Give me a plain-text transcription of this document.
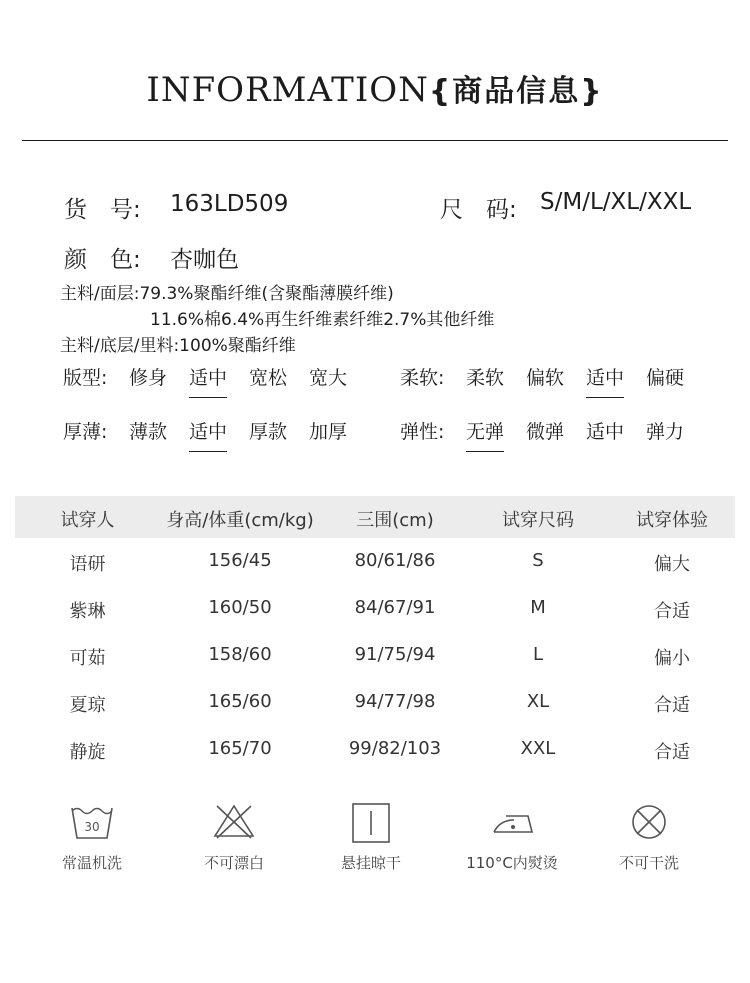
INFORMATION{商品信息}
货　号: 163LD509	尺　码: S/M/L/XL/XXL
颜　色: 杏咖色
主料/面层:79.3%聚酯纤维(含聚酯薄膜纤维)
11.6%棉6.4%再生纤维素纤维2.7%其他纤维
主料/底层/里料:100%聚酯纤维
版型: 修身 适中 宽松 宽大	柔软: 柔软 偏软 适中 偏硬
厚薄: 薄款 适中 厚款 加厚	弹性: 无弹 微弹 适中 弹力
试穿人	身高/体重(cm/kg)	三围(cm)	试穿尺码	试穿体验
语研	156/45	80/61/86	S	偏大
紫琳	160/50	84/67/91	M	合适
可茹	158/60	91/75/94	L	偏小
夏琼	165/60	94/77/98	XL	合适
静旋	165/70	99/82/103	XXL	合适
30
常温机洗	不可漂白	悬挂晾干	110°C内熨烫	不可干洗
